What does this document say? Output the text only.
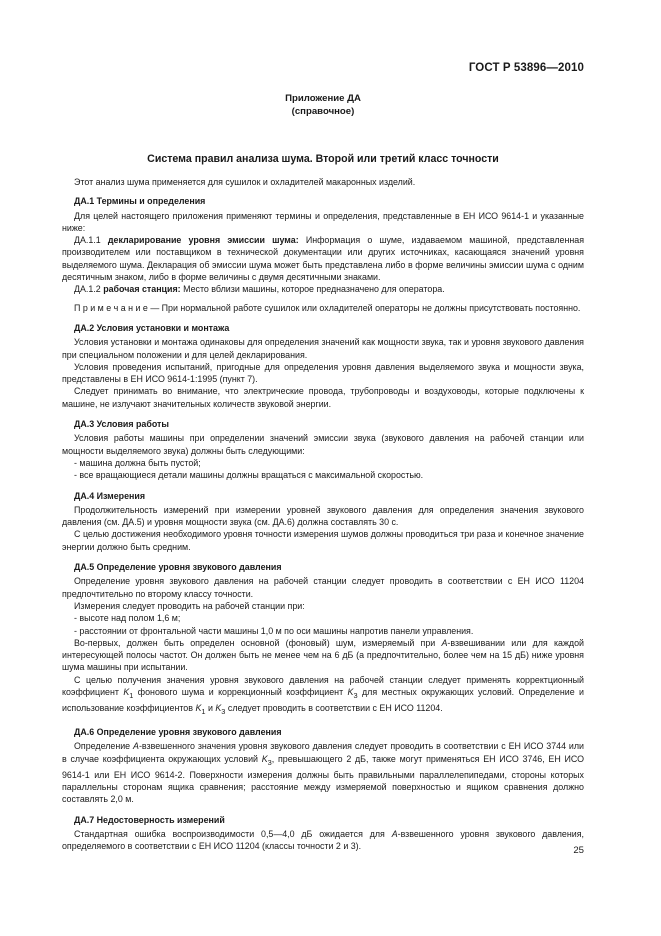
ГОСТ Р 53896—2010
Приложение ДА
(справочное)
Система правил анализа шума. Второй или третий класс точности

Этот анализ шума применяется для сушилок и охладителей макаронных изделий.

ДА.1 Термины и определения

Для целей настоящего приложения применяют термины и определения, представленные в ЕН ИСО 9614-1 и указанные ниже:

ДА.1.1 декларирование уровня эмиссии шума: Информация о шуме, издаваемом машиной, представленная производителем или поставщиком в технической документации или других источниках, касающаяся значений уровня выделяемого шума. Декларация об эмиссии шума может быть представлена либо в форме величины эмиссии шума с одним десятичным знаком, либо в форме величины с двумя десятичными знаками.

ДА.1.2 рабочая станция: Место вблизи машины, которое предназначено для оператора.

П р и м е ч а н и е — При нормальной работе сушилок или охладителей операторы не должны присутствовать постоянно.

ДА.2 Условия установки и монтажа

Условия установки и монтажа одинаковы для определения значений как мощности звука, так и уровня звукового давления при специальном положении и для целей декларирования.

Условия проведения испытаний, пригодные для определения уровня давления выделяемого звука и мощности звука, представлены в ЕН ИСО 9614-1:1995 (пункт 7).

Следует принимать во внимание, что электрические провода, трубопроводы и воздуховоды, которые подключены к машине, не излучают значительных количеств звуковой энергии.

ДА.3 Условия работы

Условия работы машины при определении значений эмиссии звука (звукового давления на рабочей станции или мощности выделяемого звука) должны быть следующими:

- машина должна быть пустой;

- все вращающиеся детали машины должны вращаться с максимальной скоростью.

ДА.4 Измерения

Продолжительность измерений при измерении уровней звукового давления для определения значения звукового давления (см. ДА.5) и уровня мощности звука (см. ДА.6) должна составлять 30 с.

С целью достижения необходимого уровня точности измерения шумов должны проводиться три раза и конечное значение энергии должно быть средним.

ДА.5 Определение уровня звукового давления

Определение уровня звукового давления на рабочей станции следует проводить в соответствии с ЕН ИСО 11204 предпочтительно по второму классу точности.

Измерения следует проводить на рабочей станции при:

- высоте над полом 1,6 м;

- расстоянии от фронтальной части машины 1,0 м по оси машины напротив панели управления.

Во-первых, должен быть определен основной (фоновый) шум, измеряемый при А-взвешивании или для каждой интересующей полосы частот. Он должен быть не менее чем на 6 дБ (а предпочтительно, более чем на 15 дБ) ниже уровня шума машины при испытании.

С целью получения значения уровня звукового давления на рабочей станции следует применять корректционный коэффициент $K_1$ фонового шума и коррекционный коэффициент $K_3$ для местных окружающих условий. Определение и использование коэффициентов $K_1$ и $K_3$ следует проводить в соответствии с ЕН ИСО 11204.

ДА.6 Определение уровня звукового давления

Определение А-взвешенного значения уровня звукового давления следует проводить в соответствии с ЕН ИСО 3744 или в случае коэффициента окружающих условий $K_3$, превышающего 2 дБ, также могут применяться ЕН ИСО 3746, ЕН ИСО 9614-1 или ЕН ИСО 9614-2. Поверхности измерения должны быть правильными параллелепипедами, стороны которых параллельны сторонам ящика сравнения; расстояние между измеряемой поверхностью и ящиком сравнения должно составлять 2,0 м.

ДА.7 Недостоверность измерений

Стандартная ошибка воспроизводимости 0,5—4,0 дБ ожидается для А-взвешенного уровня звукового давления, определяемого в соответствии с ЕН ИСО 11204 (классы точности 2 и 3).	25
